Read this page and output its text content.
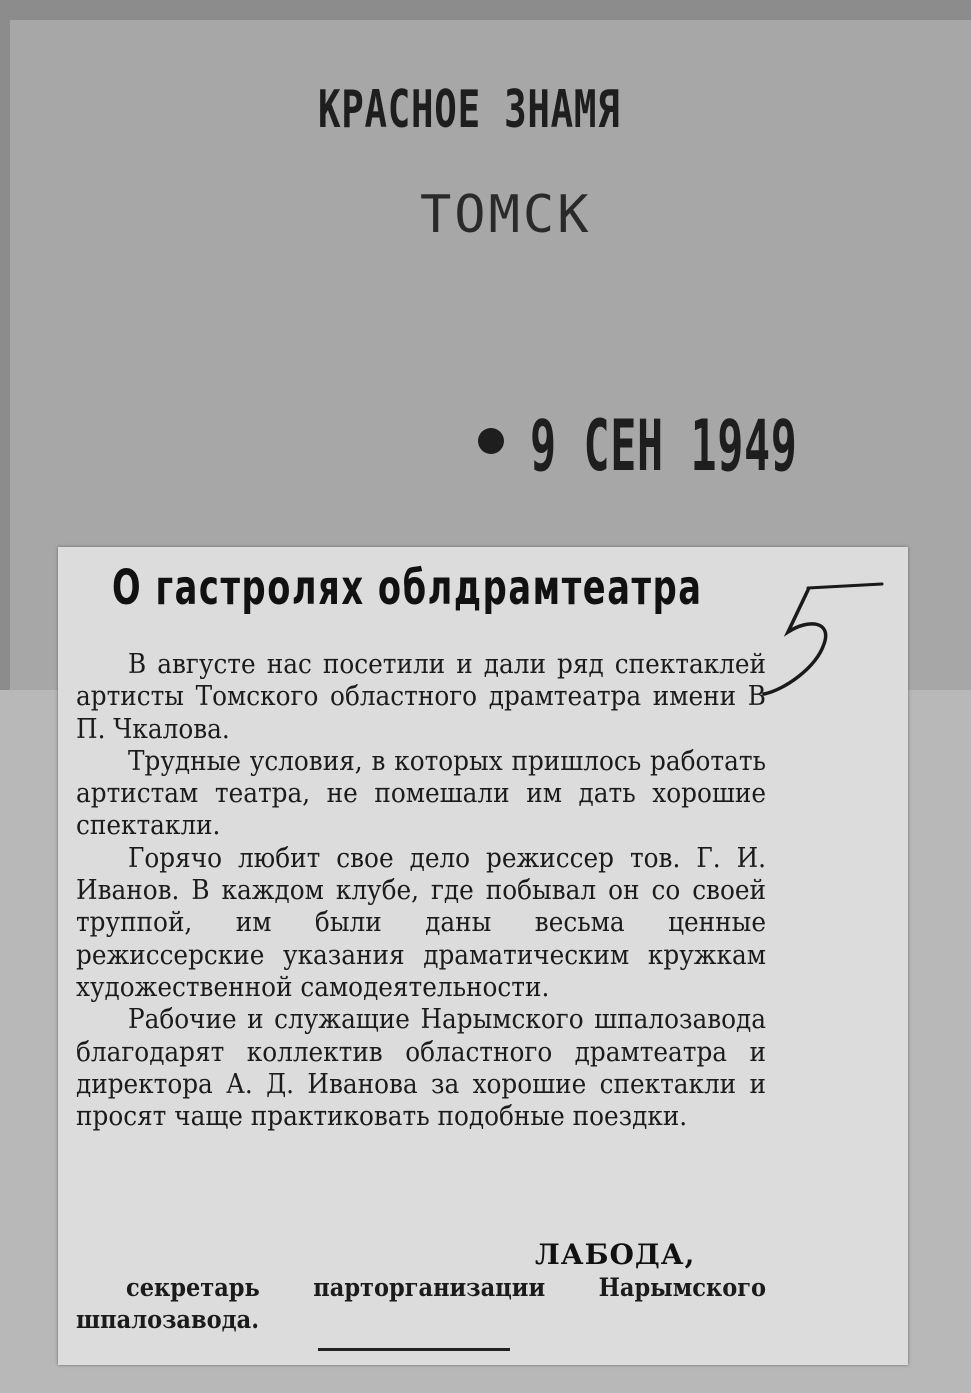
КРАСНОЕ ЗНАМЯ
ТОМСК
9 СЕН 1949
О гастролях облдрамтеатра

В августе нас посетили и дали ряд спектаклей артисты Томского областного драмтеатра имени В П. Чкалова.

Трудные условия, в которых пришлось работать артистам театра, не помешали им дать хорошие спектакли.

Горячо любит свое дело режиссер тов. Г. И. Иванов. В каждом клубе, где побывал он со своей труппой, им были даны весьма ценные режиссерские указания драматическим кружкам художественной самодеятельности.

Рабочие и служащие Нарымского шпалозавода благодарят коллектив областного драмтеатра и директора А. Д. Иванова за хорошие спектакли и просят чаще практиковать подобные поездки.

ЛАБОДА,
секретарь парторганизации Нарымского шпалозавода.
